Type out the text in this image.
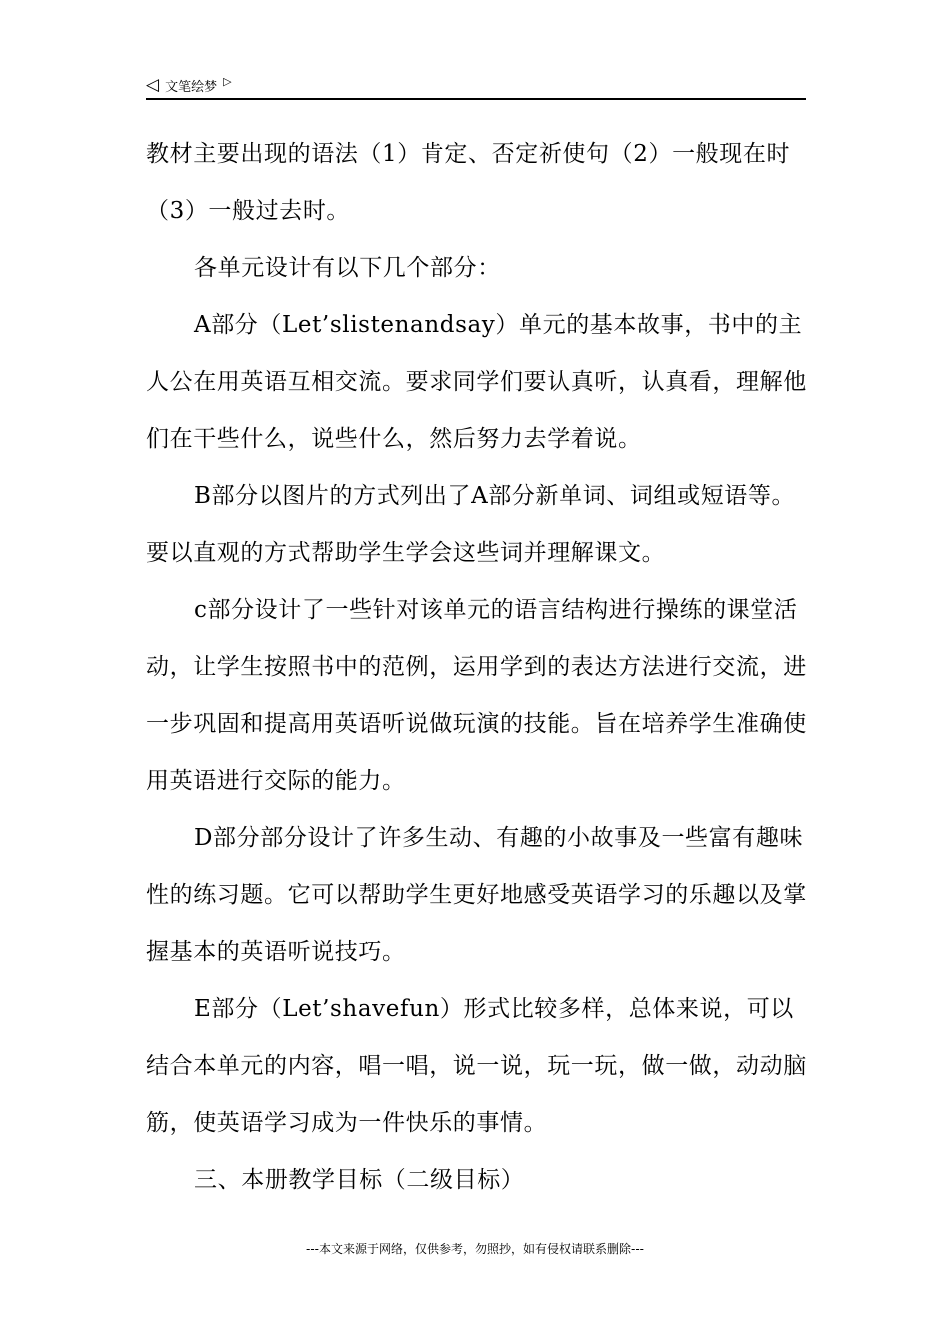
◁ 文笔绘梦 ▷

教材主要出现的语法（1）肯定、否定祈使句（2）一般现在时（3）一般过去时。

各单元设计有以下几个部分：

A部分（Let’slistenandsay）单元的基本故事，书中的主人公在用英语互相交流。要求同学们要认真听，认真看，理解他们在干些什么，说些什么，然后努力去学着说。

B部分以图片的方式列出了A部分新单词、词组或短语等。要以直观的方式帮助学生学会这些词并理解课文。

c部分设计了一些针对该单元的语言结构进行操练的课堂活动，让学生按照书中的范例，运用学到的表达方法进行交流，进一步巩固和提高用英语听说做玩演的技能。旨在培养学生准确使用英语进行交际的能力。

D部分部分设计了许多生动、有趣的小故事及一些富有趣味性的练习题。它可以帮助学生更好地感受英语学习的乐趣以及掌握基本的英语听说技巧。

E部分（Let’shavefun）形式比较多样，总体来说，可以结合本单元的内容，唱一唱，说一说，玩一玩，做一做，动动脑筋，使英语学习成为一件快乐的事情。

三、本册教学目标（二级目标）

---本文来源于网络，仅供参考，勿照抄，如有侵权请联系删除---
